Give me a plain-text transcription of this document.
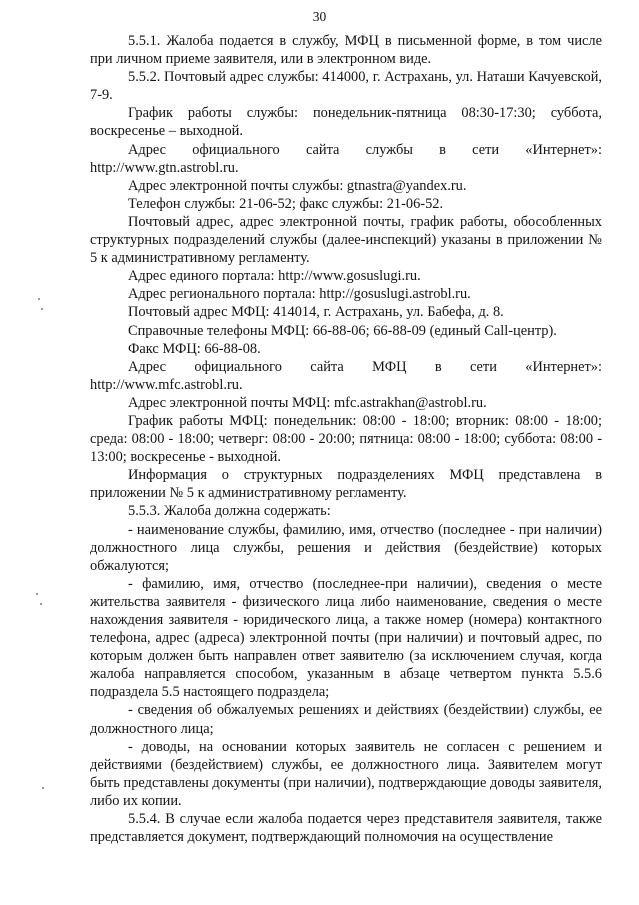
30

5.5.1. Жалоба подается в службу, МФЦ в письменной форме, в том числе при личном приеме заявителя, или в электронном виде.

5.5.2. Почтовый адрес службы: 414000, г. Астрахань, ул. Наташи Качуевской, 7-9.

График работы службы: понедельник-пятница 08:30-17:30; суббота, воскресенье – выходной.

Адрес официального сайта службы в сети «Интернет»: http://www.gtn.astrobl.ru.

Адрес электронной почты службы: gtnastra@yandex.ru.

Телефон службы: 21-06-52; факс службы: 21-06-52.

Почтовый адрес, адрес электронной почты, график работы, обособленных структурных подразделений службы (далее-инспекций) указаны в приложении № 5 к административному регламенту.

Адрес единого портала: http://www.gosuslugi.ru.

Адрес регионального портала: http://gosuslugi.astrobl.ru.

Почтовый адрес МФЦ: 414014, г. Астрахань, ул. Бабефа, д. 8.

Справочные телефоны МФЦ: 66-88-06; 66-88-09 (единый Call-центр).

Факс МФЦ: 66-88-08.

Адрес официального сайта МФЦ в сети «Интернет»: http://www.mfc.astrobl.ru.

Адрес электронной почты МФЦ: mfc.astrakhan@astrobl.ru.

График работы МФЦ: понедельник: 08:00 - 18:00; вторник: 08:00 - 18:00; среда: 08:00 - 18:00; четверг: 08:00 - 20:00; пятница: 08:00 - 18:00; суббота: 08:00 - 13:00; воскресенье - выходной.

Информация о структурных подразделениях МФЦ представлена в приложении № 5 к административному регламенту.

5.5.3. Жалоба должна содержать:

- наименование службы, фамилию, имя, отчество (последнее - при наличии) должностного лица службы, решения и действия (бездействие) которых обжалуются;

- фамилию, имя, отчество (последнее-при наличии), сведения о месте жительства заявителя - физического лица либо наименование, сведения о месте нахождения заявителя - юридического лица, а также номер (номера) контактного телефона, адрес (адреса) электронной почты (при наличии) и почтовый адрес, по которым должен быть направлен ответ заявителю (за исключением случая, когда жалоба направляется способом, указанным в абзаце четвертом пункта 5.5.6 подраздела 5.5 настоящего подраздела;

- сведения об обжалуемых решениях и действиях (бездействии) службы, ее должностного лица;

- доводы, на основании которых заявитель не согласен с решением и действиями (бездействием) службы, ее должностного лица. Заявителем могут быть представлены документы (при наличии), подтверждающие доводы заявителя, либо их копии.

5.5.4. В случае если жалоба подается через представителя заявителя, также представляется документ, подтверждающий полномочия на осуществление
